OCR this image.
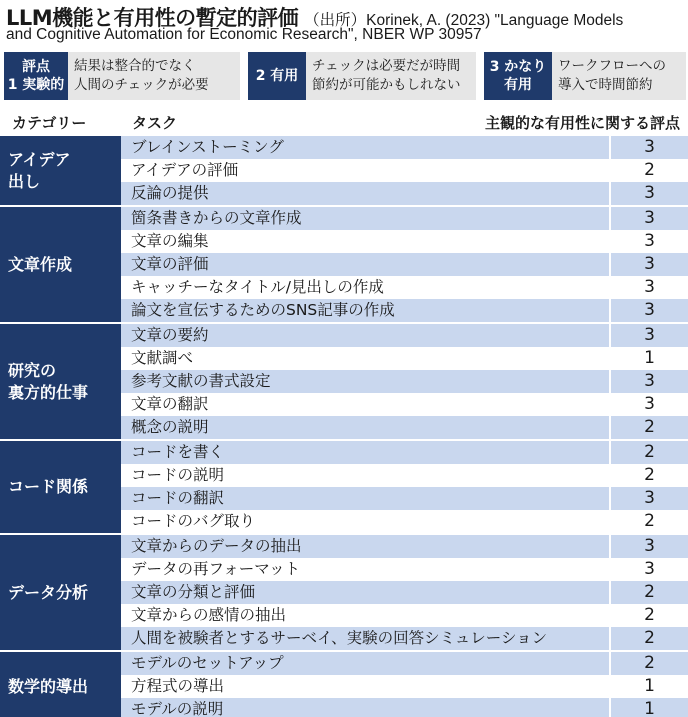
LLM機能と有用性の暫定的評価 （出所）Korinek, A. (2023) "Language Models
and Cognitive Automation for Economic Research", NBER WP 30957
評点
1 実験的
結果は整合的でなく
人間のチェックが必要
2 有用
チェックは必要だが時間
節約が可能かもしれない
3 かなり
有用
ワークフローへの
導入で時間節約
カテゴリー	タスク	主観的な有用性に関する評点
アイデア
出し
ブレインストーミング	3
アイデアの評価	2
反論の提供	3
文章作成
箇条書きからの文章作成	3
文章の編集	3
文章の評価	3
キャッチーなタイトル/見出しの作成	3
論文を宣伝するためのSNS記事の作成	3
研究の
裏方的仕事
文章の要約	3
文献調べ	1
参考文献の書式設定	3
文章の翻訳	3
概念の説明	2
コード関係
コードを書く	2
コードの説明	2
コードの翻訳	3
コードのバグ取り	2
データ分析
文章からのデータの抽出	3
データの再フォーマット	3
文章の分類と評価	2
文章からの感情の抽出	2
人間を被験者とするサーベイ、実験の回答シミュレーション	2
数学的導出
モデルのセットアップ	2
方程式の導出	1
モデルの説明	1
